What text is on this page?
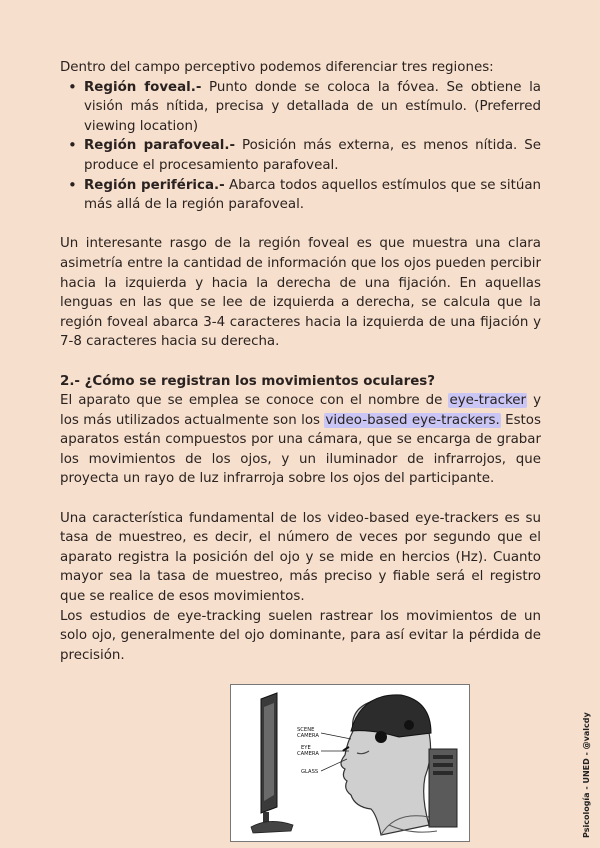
Dentro del campo perceptivo podemos diferenciar tres regiones:

• Región foveal.- Punto donde se coloca la fóvea. Se obtiene la visión más nítida, precisa y detallada de un estímulo. (Preferred viewing location)
• Región parafoveal.- Posición más externa, es menos nítida. Se produce el procesamiento parafoveal.
• Región periférica.- Abarca todos aquellos estímulos que se sitúan más allá de la región parafoveal.

Un interesante rasgo de la región foveal es que muestra una clara asimetría entre la cantidad de información que los ojos pueden percibir hacia la izquierda y hacia la derecha de una fijación. En aquellas lenguas en las que se lee de izquierda a derecha, se calcula que la región foveal abarca 3-4 caracteres hacia la izquierda de una fijación y 7-8 caracteres hacia su derecha.

2.- ¿Cómo se registran los movimientos oculares?

El aparato que se emplea se conoce con el nombre de eye-tracker y los más utilizados actualmente son los video-based eye-trackers. Estos aparatos están compuestos por una cámara, que se encarga de grabar los movimientos de los ojos, y un iluminador de infrarrojos, que proyecta un rayo de luz infrarroja sobre los ojos del participante.

Una característica fundamental de los video-based eye-trackers es su tasa de muestreo, es decir, el número de veces por segundo que el aparato registra la posición del ojo y se mide en hercios (Hz). Cuanto mayor sea la tasa de muestreo, más preciso y fiable será el registro que se realice de esos movimientos.

Los estudios de eye-tracking suelen rastrear los movimientos de un solo ojo, generalmente del ojo dominante, para así evitar la pérdida de precisión.

SCENE
CAMERA
EYE
CAMERA
GLASS	Psicología - UNED - @valcdy
